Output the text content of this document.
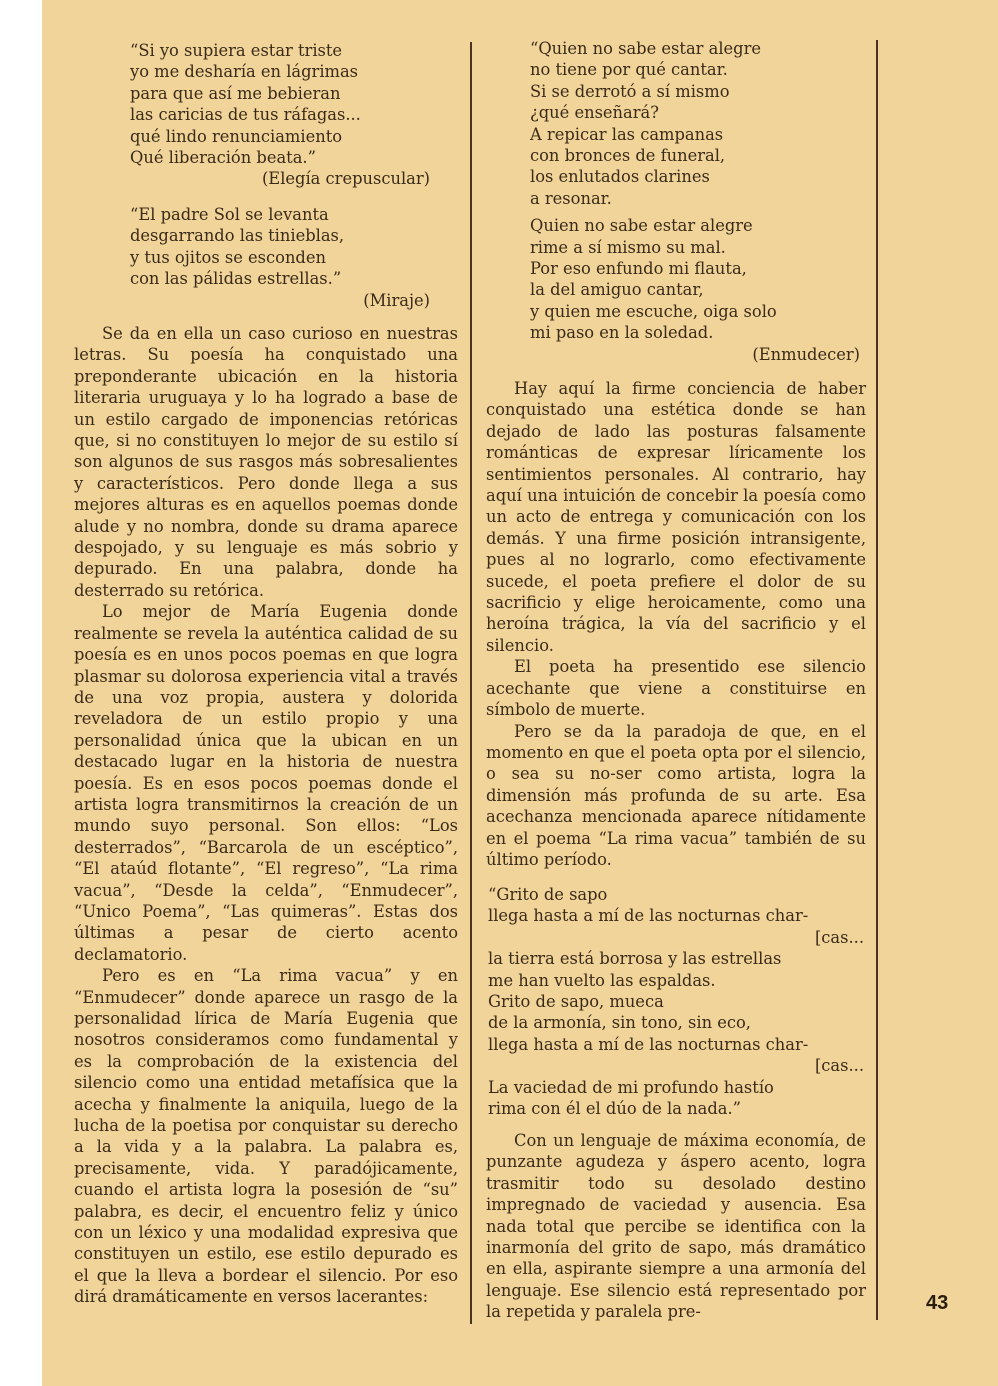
“Si yo supiera estar triste
yo me desharía en lágrimas
para que así me bebieran
las caricias de tus ráfagas...
qué lindo renunciamiento
Qué liberación beata.”
(Elegía crepuscular)
“El padre Sol se levanta
desgarrando las tinieblas,
y tus ojitos se esconden
con las pálidas estrellas.”
(Miraje)

Se da en ella un caso curioso en nuestras letras. Su poesía ha conquistado una preponderante ubicación en la historia literaria uruguaya y lo ha logrado a base de un estilo cargado de imponencias retóricas que, si no constituyen lo mejor de su estilo sí son algunos de sus rasgos más sobresalientes y característicos. Pero donde llega a sus mejores alturas es en aquellos poemas donde alude y no nombra, donde su drama aparece despojado, y su lenguaje es más sobrio y depurado. En una palabra, donde ha desterrado su retórica.

Lo mejor de María Eugenia donde realmente se revela la auténtica calidad de su poesía es en unos pocos poemas en que logra plasmar su dolorosa experiencia vital a través de una voz propia, austera y dolorida reveladora de un estilo propio y una personalidad única que la ubican en un destacado lugar en la historia de nuestra poesía. Es en esos pocos poemas donde el artista logra transmitirnos la creación de un mundo suyo personal. Son ellos: “Los desterrados”, “Barcarola de un escéptico”, “El ataúd flotante”, “El regreso”, “La rima vacua”, “Desde la celda”, “Enmudecer”, “Unico Poema”, “Las quimeras”. Estas dos últimas a pesar de cierto acento declamatorio.

Pero es en “La rima vacua” y en “Enmudecer” donde aparece un rasgo de la personalidad lírica de María Eugenia que nosotros consideramos como fundamental y es la comprobación de la existencia del silencio como una entidad metafísica que la acecha y finalmente la aniquila, luego de la lucha de la poetisa por conquistar su derecho a la vida y a la palabra. La palabra es, precisamente, vida. Y paradójicamente, cuando el artista logra la posesión de “su” palabra, es decir, el encuentro feliz y único con un léxico y una modalidad expresiva que constituyen un estilo, ese estilo depurado es el que la lleva a bordear el silencio. Por eso dirá dramáticamente en versos lacerantes:

“Quien no sabe estar alegre
no tiene por qué cantar.
Si se derrotó a sí mismo
¿qué enseñará?
A repicar las campanas
con bronces de funeral,
los enlutados clarines
a resonar.
Quien no sabe estar alegre
rime a sí mismo su mal.
Por eso enfundo mi flauta,
la del amiguo cantar,
y quien me escuche, oiga solo
mi paso en la soledad.
(Enmudecer)

Hay aquí la firme conciencia de haber conquistado una estética donde se han dejado de lado las posturas falsamente románticas de expresar líricamente los sentimientos personales. Al contrario, hay aquí una intuición de concebir la poesía como un acto de entrega y comunicación con los demás. Y una firme posición intransigente, pues al no lograrlo, como efectivamente sucede, el poeta prefiere el dolor de su sacrificio y elige heroicamente, como una heroína trágica, la vía del sacrificio y el silencio.

El poeta ha presentido ese silencio acechante que viene a constituirse en símbolo de muerte.

Pero se da la paradoja de que, en el momento en que el poeta opta por el silencio, o sea su no-ser como artista, logra la dimensión más profunda de su arte. Esa acechanza mencionada aparece nítidamente en el poema “La rima vacua” también de su último período.

“Grito de sapo
llega hasta a mí de las nocturnas char-
[cas...
la tierra está borrosa y las estrellas
me han vuelto las espaldas.
Grito de sapo, mueca
de la armonía, sin tono, sin eco,
llega hasta a mí de las nocturnas char-
[cas...
La vaciedad de mi profundo hastío
rima con él el dúo de la nada.”

Con un lenguaje de máxima economía, de punzante agudeza y áspero acento, logra trasmitir todo su desolado destino impregnado de vaciedad y ausencia. Esa nada total que percibe se identifica con la inarmonía del grito de sapo, más dramático en ella, aspirante siempre a una armonía del lenguaje. Ese silencio está representado por la repetida y paralela pre-	43
